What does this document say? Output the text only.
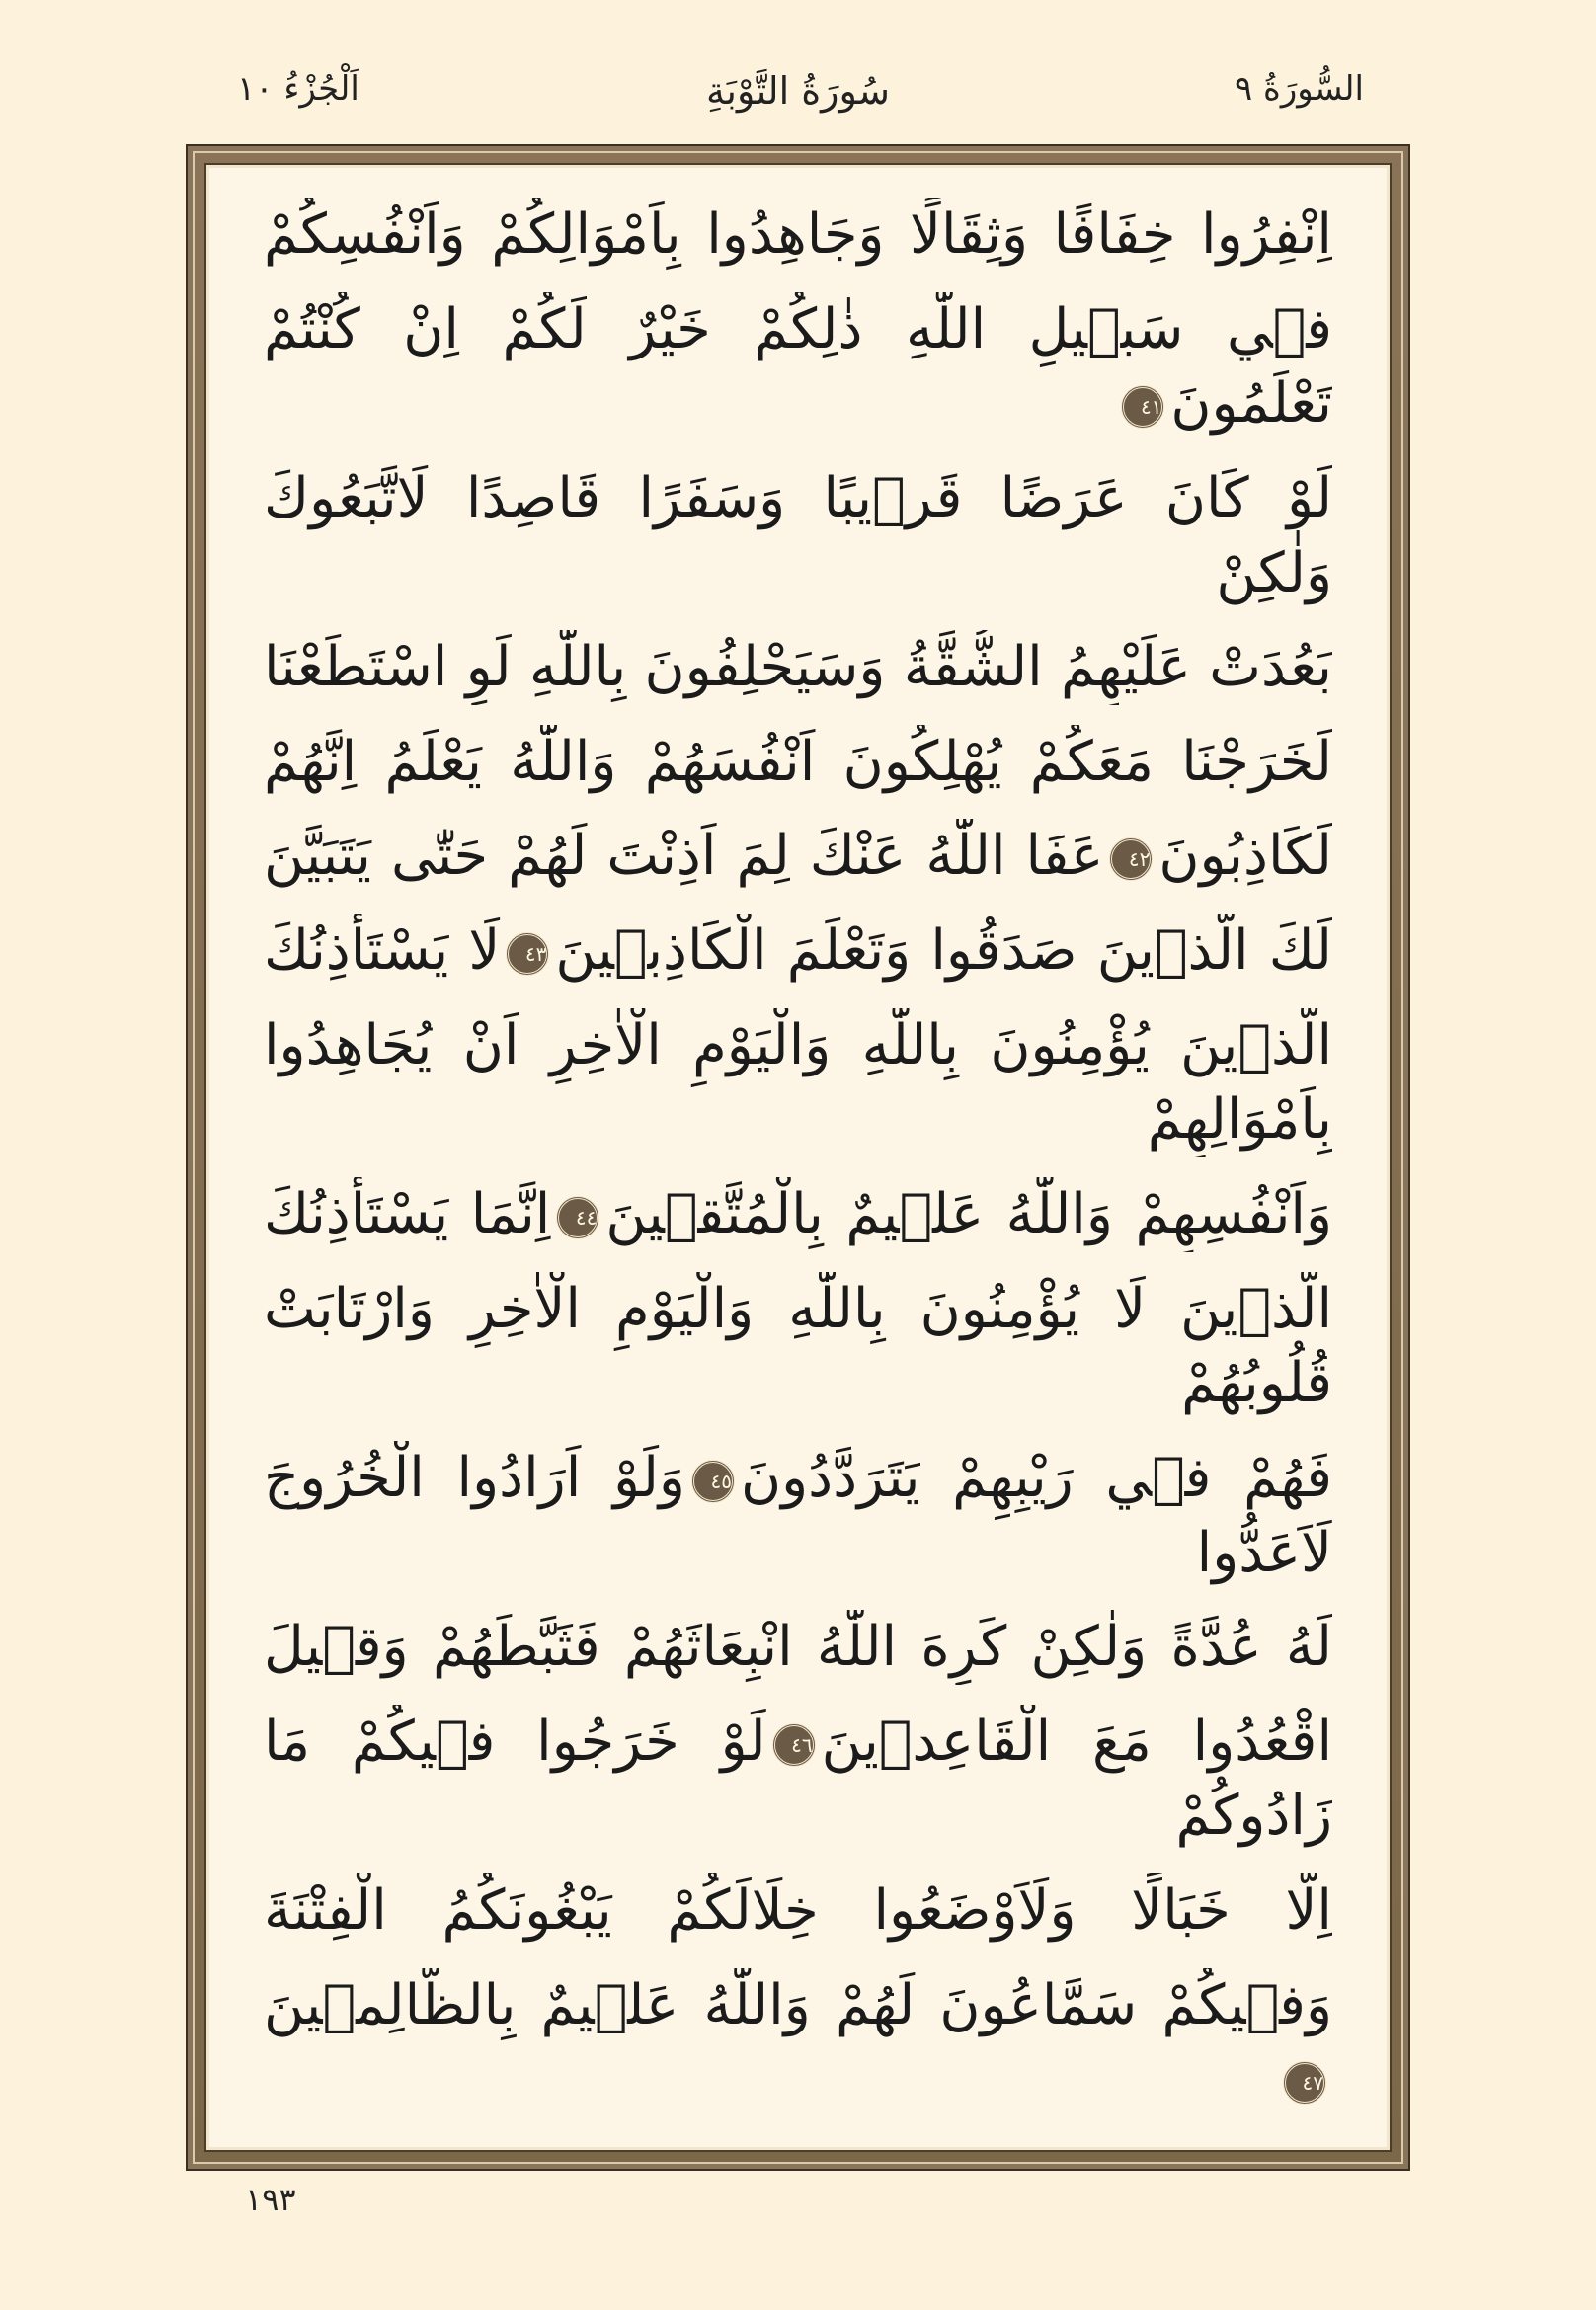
السُّورَةُ ٩
سُورَةُ التَّوْبَةِ
اَلْجُزْءُ ١٠
اِنْفِرُوا خِفَافًا وَثِقَالًا وَجَاهِدُوا بِاَمْوَالِكُمْ وَاَنْفُسِكُمْ
فٖي سَبٖيلِ اللّٰهِ ذٰلِكُمْ خَيْرٌ لَكُمْ اِنْ كُنْتُمْ تَعْلَمُونَ٤١
لَوْ كَانَ عَرَضًا قَرٖيبًا وَسَفَرًا قَاصِدًا لَاتَّبَعُوكَ وَلٰكِنْ
بَعُدَتْ عَلَيْهِمُ الشُّقَّةُ وَسَيَحْلِفُونَ بِاللّٰهِ لَوِ اسْتَطَعْنَا
لَخَرَجْنَا مَعَكُمْ يُهْلِكُونَ اَنْفُسَهُمْ وَاللّٰهُ يَعْلَمُ اِنَّهُمْ
لَكَاذِبُونَ٤٢عَفَا اللّٰهُ عَنْكَ لِمَ اَذِنْتَ لَهُمْ حَتّٰى يَتَبَيَّنَ
لَكَ الَّذٖينَ صَدَقُوا وَتَعْلَمَ الْكَاذِبٖينَ٤٣لَا يَسْتَأْذِنُكَ
الَّذٖينَ يُؤْمِنُونَ بِاللّٰهِ وَالْيَوْمِ الْاٰخِرِ اَنْ يُجَاهِدُوا بِاَمْوَالِهِمْ
وَاَنْفُسِهِمْ وَاللّٰهُ عَلٖيمٌ بِالْمُتَّقٖينَ٤٤اِنَّمَا يَسْتَأْذِنُكَ
الَّذٖينَ لَا يُؤْمِنُونَ بِاللّٰهِ وَالْيَوْمِ الْاٰخِرِ وَارْتَابَتْ قُلُوبُهُمْ
فَهُمْ فٖي رَيْبِهِمْ يَتَرَدَّدُونَ٤٥وَلَوْ اَرَادُوا الْخُرُوجَ لَاَعَدُّوا
لَهُ عُدَّةً وَلٰكِنْ كَرِهَ اللّٰهُ انْبِعَاثَهُمْ فَثَبَّطَهُمْ وَقٖيلَ
اقْعُدُوا مَعَ الْقَاعِدٖينَ٤٦لَوْ خَرَجُوا فٖيكُمْ مَا زَادُوكُمْ
اِلَّا خَبَالًا وَلَاَوْضَعُوا خِلَالَكُمْ يَبْغُونَكُمُ الْفِتْنَةَ
وَفٖيكُمْ سَمَّاعُونَ لَهُمْ وَاللّٰهُ عَلٖيمٌ بِالظَّالِمٖينَ٤٧
١٩٣
